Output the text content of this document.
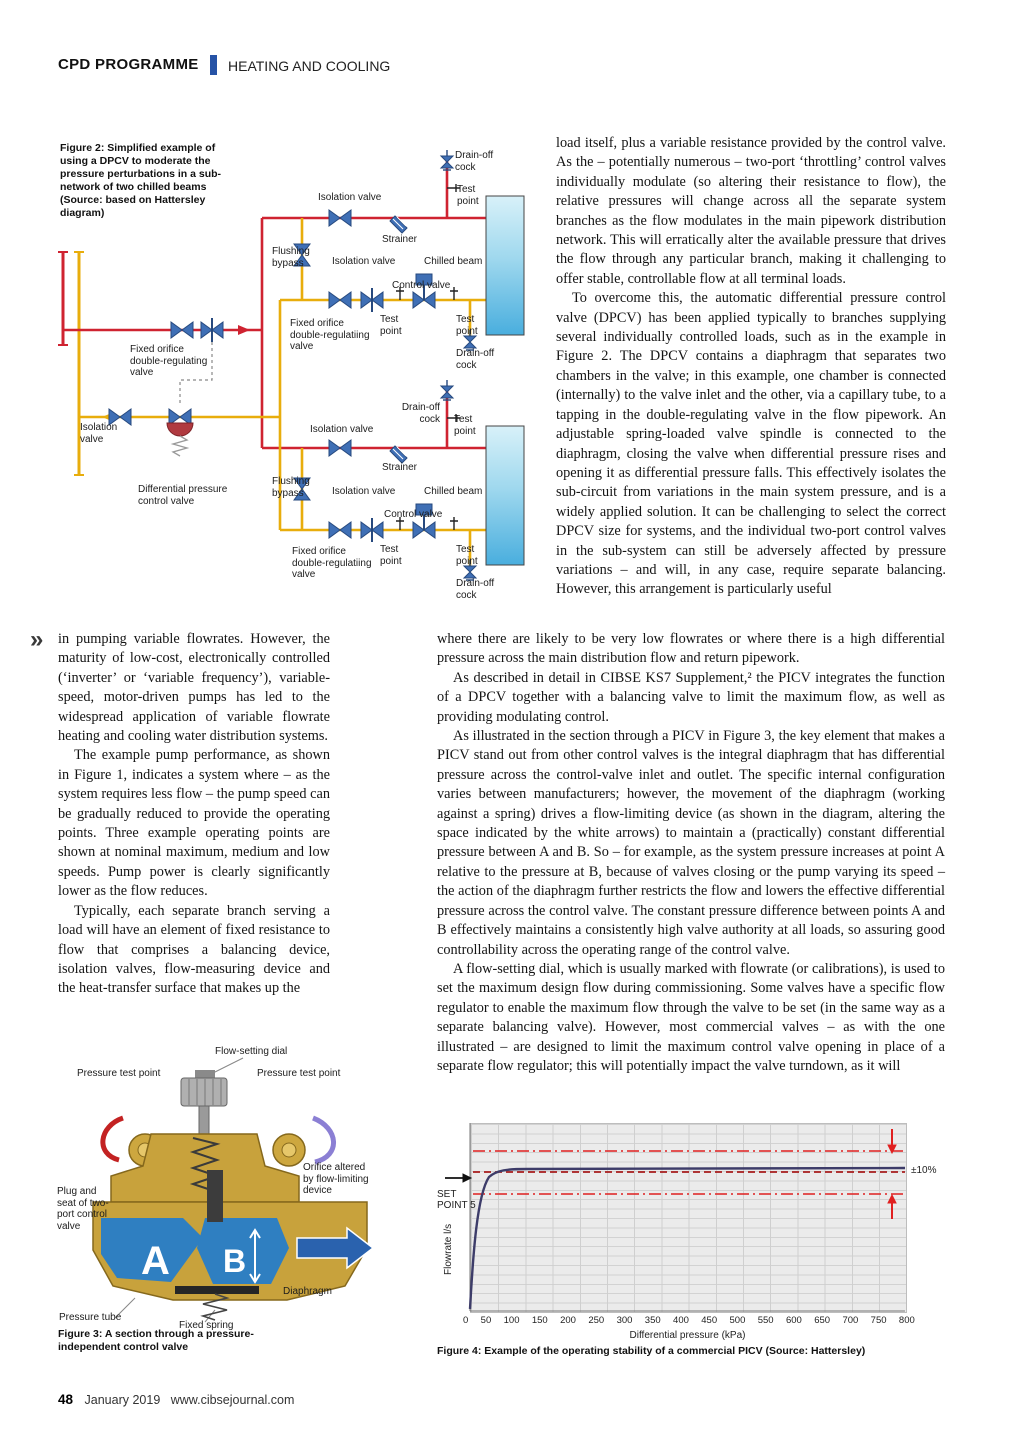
CPD PROGRAMME HEATING AND COOLING
Figure 2: Simplified example of using a DPCV to moderate the pressure perturbations in a sub-network of two chilled beams (Source: based on Hattersley diagram)
Drain-off cock
Test point
Isolation valve
Strainer
Flushing bypass	Isolation valve	Chilled beam
Control valve
Test point
Test point
Fixed orifice double-regulatiing valve
Drain-off cock
Fixed orifice double-regulating valve
Isolation valve
Differential pressure control valve
Drain-off cock Test point
Isolation valve
Strainer
Flushing bypass	Isolation valve	Chilled beam
Control valve
Test point
Test point
Fixed orifice double-regulatiing valve
Drain-off cock

load itself, plus a variable resistance provided by the control valve. As the – potentially numerous – two-port ‘throttling’ control valves individually modulate (so altering their resistance to flow), the relative pressures will change across all the separate system branches as the flow modulates in the main pipework distribution network. This will erratically alter the available pressure that drives the flow through any particular branch, making it challenging to offer stable, controllable flow at all terminal loads.

To overcome this, the automatic differential pressure control valve (DPCV) has been applied typically to branches supplying several individually controlled loads, such as in the example in Figure 2. The DPCV contains a diaphragm that separates two chambers in the valve; in this example, one chamber is connected (internally) to the valve inlet and the other, via a capillary tube, to a tapping in the double-regulating valve in the flow pipework. An adjustable spring-loaded valve spindle is connected to the diaphragm, closing the valve when differential pressure rises and opening it as differential pressure falls. This effectively isolates the sub-circuit from variations in the main system pressure, and is a widely applied solution. It can be challenging to select the correct DPCV size for systems, and the individual two-port control valves in the sub-system can still be adversely affected by pressure variations – and will, in any case, require separate balancing. However, this arrangement is particularly useful

» in pumping variable flowrates. However, the maturity of low-cost, electronically controlled (‘inverter’ or ‘variable frequency’), variable-speed, motor-driven pumps has led to the widespread application of variable flowrate heating and cooling water distribution systems.

The example pump performance, as shown in Figure 1, indicates a system where – as the system requires less flow – the pump speed can be gradually reduced to provide the operating points. Three example operating points are shown at nominal maximum, medium and low speeds. Pump power is clearly significantly lower as the flow reduces.

Typically, each separate branch serving a load will have an element of fixed resistance to flow that comprises a balancing device, isolation valves, flow-measuring device and the heat-transfer surface that makes up the

where there are likely to be very low flowrates or where there is a high differential pressure across the main distribution flow and return pipework.

As described in detail in CIBSE KS7 Supplement,² the PICV integrates the function of a DPCV together with a balancing valve to limit the maximum flow, as well as providing modulating control.

As illustrated in the section through a PICV in Figure 3, the key element that makes a PICV stand out from other control valves is the integral diaphragm that has differential pressure across the control-valve inlet and outlet. The specific internal configuration varies between manufacturers; however, the movement of the diaphragm (working against a spring) drives a flow-limiting device (as shown in the diagram, altering the space indicated by the white arrows) to maintain a (practically) constant differential pressure between A and B. So – for example, as the system pressure increases at point A relative to the pressure at B, because of valves closing or the pump varying its speed – the action of the diaphragm further restricts the flow and lowers the effective differential pressure across the control valve. The constant pressure difference between points A and B effectively maintains a consistently high valve authority at all loads, so assuring good controllability across the operating range of the control valve.

A flow-setting dial, which is usually marked with flowrate (or calibrations), is used to set the maximum design flow during commissioning. Some valves have a specific flow regulator to enable the maximum flow through the valve to be set (in the same way as a separate balancing valve). However, most commercial valves – as with the one illustrated – are designed to limit the maximum control valve opening in place of a separate flow regulator; this will potentially impact the valve turndown, as it will

A B
Flow-setting dial
Pressure test point	Pressure test point
Orifice altered by flow-limiting device
Plug and seat of two-port control valve
Diaphragm
Pressure tube
Fixed spring
Figure 3: A section through a pressure-independent control valve
SET POINT 5
±10%
Flowrate l/s
0 50 100 150 200 250 300 350 400 450 500 550 600 650 700 750 800
Differential pressure (kPa)
Figure 4: Example of the operating stability of a commercial PICV (Source: Hattersley)
48 January 2019 www.cibsejournal.com
